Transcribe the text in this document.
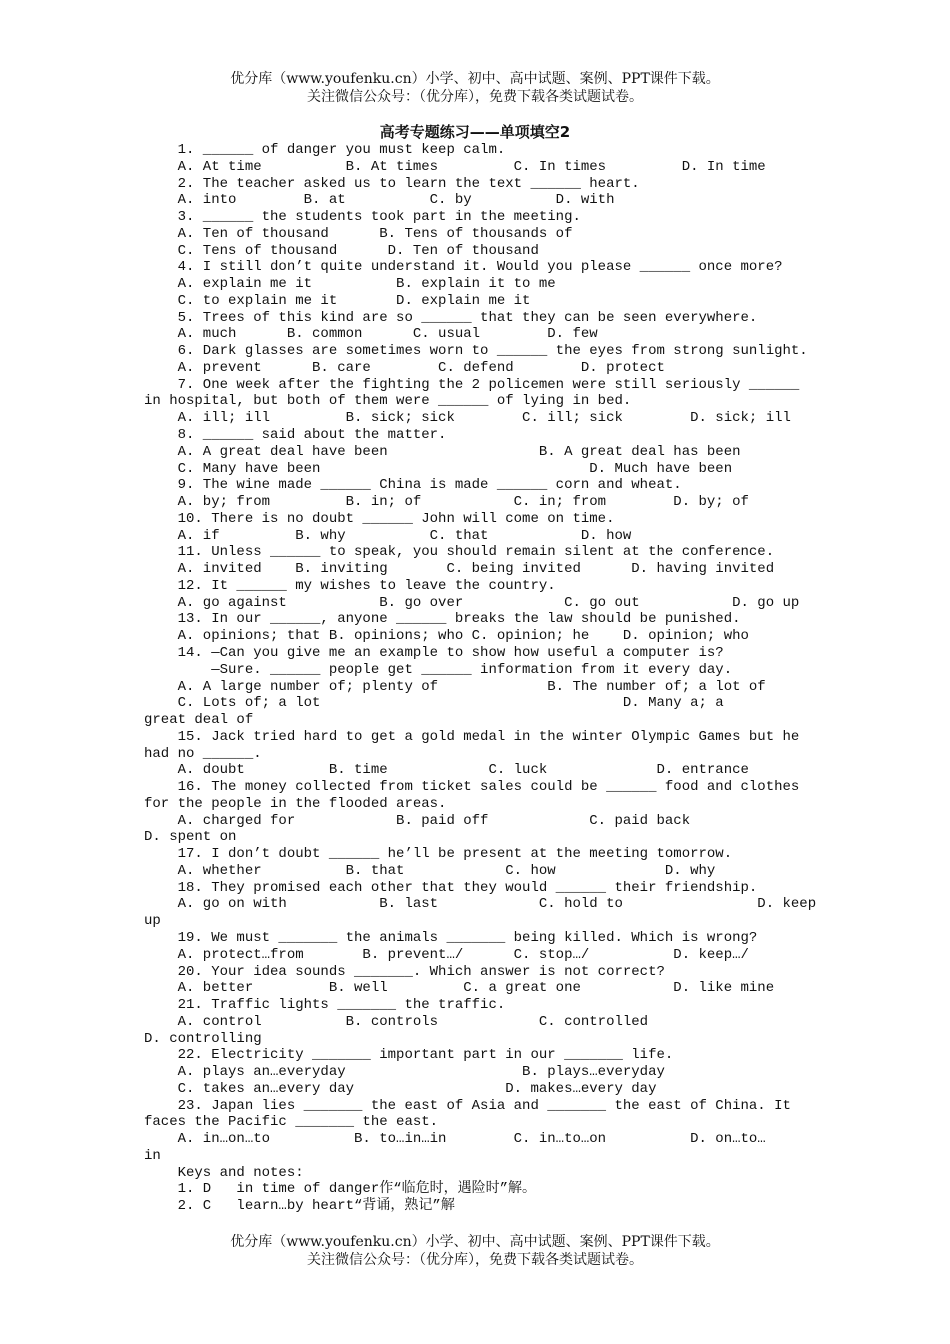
优分库（www.youfenku.cn）小学、初中、高中试题、案例、PPT课件下载。
关注微信公众号：（优分库），免费下载各类试题试卷。
高考专题练习——单项填空2
1. ______ of danger you must keep calm.
A. At time          B. At times         C. In times         D. In time
2. The teacher asked us to learn the text ______ heart.
A. into        B. at          C. by          D. with
3. ______ the students took part in the meeting.
A. Ten of thousand      B. Tens of thousands of
C. Tens of thousand      D. Ten of thousand
4. I still don’t quite understand it. Would you please ______ once more?
A. explain me it          B. explain it to me
C. to explain me it       D. explain me it
5. Trees of this kind are so ______ that they can be seen everywhere.
A. much      B. common      C. usual        D. few
6. Dark glasses are sometimes worn to ______ the eyes from strong sunlight.
A. prevent      B. care        C. defend        D. protect
7. One week after the fighting the 2 policemen were still seriously ______
in hospital, but both of them were ______ of lying in bed.
A. ill; ill         B. sick; sick        C. ill; sick        D. sick; ill
8. ______ said about the matter.
A. A great deal have been                  B. A great deal has been
C. Many have been                                D. Much have been
9. The wine made ______ China is made ______ corn and wheat.
A. by; from         B. in; of           C. in; from        D. by; of
10. There is no doubt ______ John will come on time.
A. if         B. why          C. that           D. how
11. Unless ______ to speak, you should remain silent at the conference.
A. invited    B. inviting       C. being invited      D. having invited
12. It ______ my wishes to leave the country.
A. go against           B. go over            C. go out           D. go up
13. In our ______, anyone ______ breaks the law should be punished.
A. opinions; that B. opinions; who C. opinion; he    D. opinion; who
14. —Can you give me an example to show how useful a computer is?
—Sure. ______ people get ______ information from it every day.
A. A large number of; plenty of             B. The number of; a lot of
C. Lots of; a lot                                    D. Many a; a
great deal of
15. Jack tried hard to get a gold medal in the winter Olympic Games but he
had no ______.
A. doubt          B. time            C. luck             D. entrance
16. The money collected from ticket sales could be ______ food and clothes
for the people in the flooded areas.
A. charged for            B. paid off            C. paid back
D. spent on
17. I don’t doubt ______ he’ll be present at the meeting tomorrow.
A. whether          B. that            C. how             D. why
18. They promised each other that they would ______ their friendship.
A. go on with           B. last            C. hold to                D. keep
up
19. We must _______ the animals _______ being killed. Which is wrong?
A. protect…from       B. prevent…/      C. stop…/          D. keep…/
20. Your idea sounds _______. Which answer is not correct?
A. better         B. well         C. a great one           D. like mine
21. Traffic lights _______ the traffic.
A. control          B. controls            C. controlled
D. controlling
22. Electricity _______ important part in our _______ life.
A. plays an…everyday                     B. plays…everyday
C. takes an…every day                  D. makes…every day
23. Japan lies _______ the east of Asia and _______ the east of China. It
faces the Pacific _______ the east.
A. in…on…to          B. to…in…in        C. in…to…on          D. on…to…
in
Keys and notes:
1. D   in time of danger作“临危时，遇险时”解。
2. C   learn…by heart“背诵，熟记”解
优分库（www.youfenku.cn）小学、初中、高中试题、案例、PPT课件下载。
关注微信公众号：（优分库），免费下载各类试题试卷。
